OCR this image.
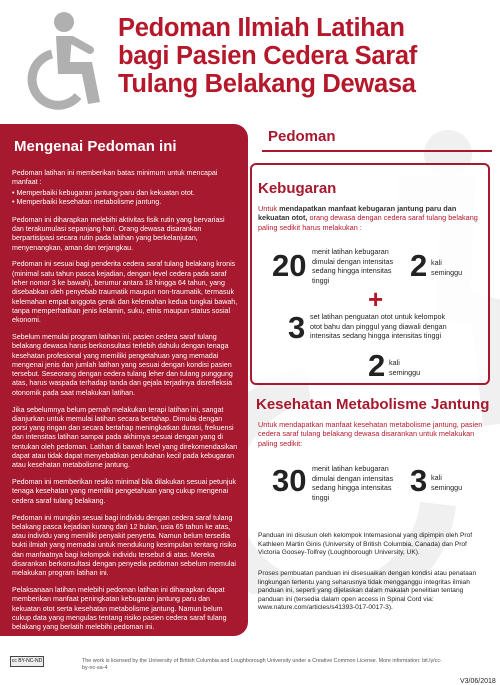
Pedoman Ilmiah Latihan
bagi Pasien Cedera Saraf
Tulang Belakang Dewasa
Mengenai Pedoman ini

Pedoman latihan ini memberikan batas minimum untuk mencapai manfaat :

• Memperbaiki kebugaran jantung-paru dan kekuatan otot.
• Memperbaiki kesehatan metabolisme jantung.

Pedoman ini diharapkan melebihi aktivitas fisik rutin yang bervariasi dan terakumulasi sepanjang hari. Orang dewasa disarankan berpartisipasi secara rutin pada latihan yang berkelanjutan, menyenangkan, aman dan terjangkau.

Pedoman ini sesuai bagi penderita cedera saraf tulang belakang kronis (minimal satu tahun pasca kejadian, dengan level cedera pada saraf leher nomor 3 ke bawah), berumur antara 18 hingga 64 tahun, yang disebabkan oleh penyebab traumatik maupun non-traumatik, termasuk kelemahan empat anggota gerak dan kelemahan kedua tungkai bawah, tanpa memperhatikan jenis kelamin, suku, etnis maupun status sosial ekonomi.

Sebelum memulai program latihan ini, pasien cedera saraf tulang belakang dewasa harus berkonsultasi terlebih dahulu dengan tenaga kesehatan profesional yang memiliki pengetahuan yang memadai mengenai jenis dan jumlah latihan yang sesuai dengan kondisi pasien tersebut. Seseorang dengan cedera tulang leher dan tulang punggung atas, harus waspada terhadap tanda dan gejala terjadinya disrefleksia otonomik pada saat melakukan latihan.

Jika sebelumnya belum pernah melakukan terapi latihan ini, sangat dianjurkan untuk memulai latihan secara bertahap. Dimulai dengan porsi yang ringan dan secara bertahap meningkatkan durasi, frekuensi dan intensitas latihan sampai pada akhirnya sesuai dengan yang di tentukan oleh pedoman. Latihan di bawah level yang direkomendasikan dapat atau tidak dapat menyebabkan perubahan kecil pada kebugaran atau kesehatan metabolisme jantung.

Pedoman ini memberikan resiko minimal bila dilakukan sesuai petunjuk tenaga kesehatan yang memiliki pengetahuan yang cukup mengenai cedera saraf tulang belakang.

Pedoman ini mungkin sesuai bagi individu dengan cedera saraf tulang belakang pasca kejadian kurang dari 12 bulan, usia 65 tahun ke atas, atau individu yang memiliki penyakit penyerta. Namun belum tersedia bukti ilmiah yang memadai untuk mendukung kesimpulan tentang risiko dan manfaatnya bagi kelompok individu tersebut di atas. Mereka disarankan berkonsultasi dengan penyedia pedoman sebelum memulai melakukan program latihan ini.

Pelaksanaan latihan melebihi pedoman latihan ini diharapkan dapat memberikan manfaat peningkatan kebugaran jantung paru dan kekuatan otot serta kesehatan metabolisme jantung. Namun belum cukup data yang mengulas tentang risiko pasien cedera saraf tulang belakang yang berlatih melebihi pedoman ini.

Pedoman
Kebugaran
Untuk mendapatkan manfaat kebugaran jantung paru dan kekuatan otot, orang dewasa dengan cedera saraf tulang belakang paling sedikit harus melakukan :
20 menit latihan kebugaran dimulai dengan intensitas sedang hingga intensitas tinggi	2 kali seminggu
+
3 set latihan penguatan otot untuk kelompok otot bahu dan pinggul yang diawali dengan intensitas sedang hingga intensitas tinggi
2 kali seminggu
Kesehatan Metabolisme Jantung
Untuk mendapatkan manfaat kesehatan metabolisme jantung, pasien cedera saraf tulang belakang dewasa disarankan untuk melakukan paling sedikit:
30 menit latihan kebugaran dimulai dengan intensitas sedang hingga intensitas tinggi	3 kali seminggu
Panduan ini disusun oleh kelompok Internasional yang dipimpin oleh Prof Kathleen Martin Ginis (University of British Columbia, Canada) dan Prof Victoria Goosey-Tolfrey (Loughborough University, UK).
Proses pembuatan panduan ini disesuaikan dengan kondisi atau penataan lingkungan tertentu yang seharusnya tidak mengganggu integritas ilmiah panduan ini, seperti yang dijelaskan dalam makalah penelitian tentang panduan ini (tersedia dalam open access in Spinal Cord via: www.nature.com/articles/s41393-017-0017-3).
cc BY-NC-ND	The work is licensed by the University of British Columbia and Loughborough University under a Creative Common License. More information: bit.ly/cc-by-nc-sa-4
V3/06/2018
